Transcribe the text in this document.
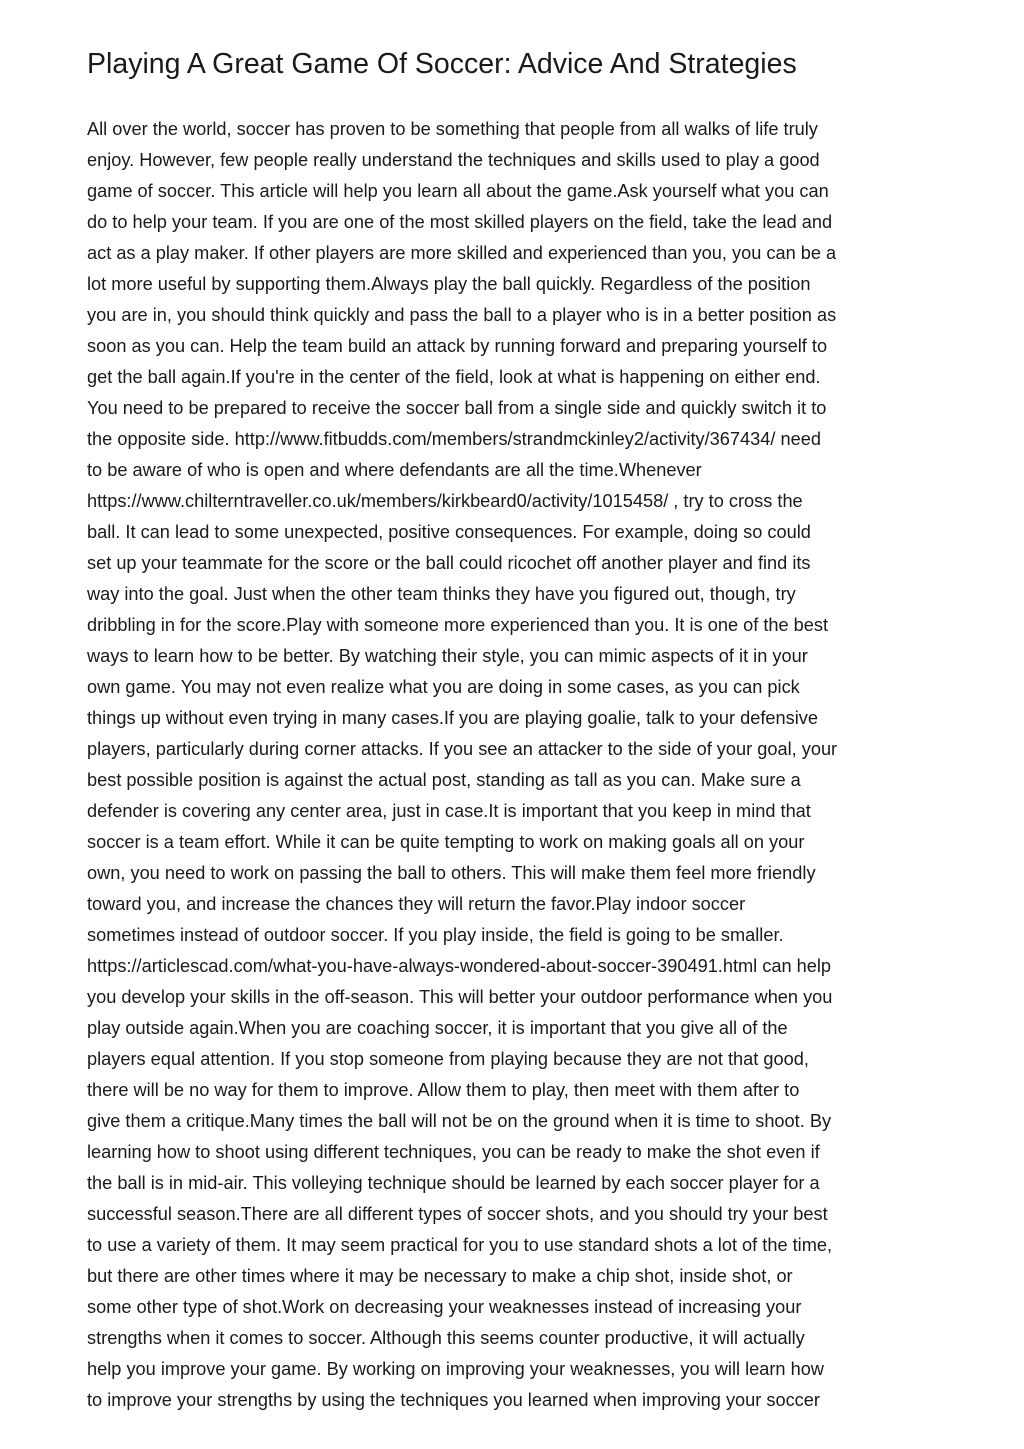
Playing A Great Game Of Soccer: Advice And Strategies
All over the world, soccer has proven to be something that people from all walks of life truly
enjoy. However, few people really understand the techniques and skills used to play a good
game of soccer. This article will help you learn all about the game.Ask yourself what you can
do to help your team. If you are one of the most skilled players on the field, take the lead and
act as a play maker. If other players are more skilled and experienced than you, you can be a
lot more useful by supporting them.Always play the ball quickly. Regardless of the position
you are in, you should think quickly and pass the ball to a player who is in a better position as
soon as you can. Help the team build an attack by running forward and preparing yourself to
get the ball again.If you're in the center of the field, look at what is happening on either end.
You need to be prepared to receive the soccer ball from a single side and quickly switch it to
the opposite side. http://www.fitbudds.com/members/strandmckinley2/activity/367434/ need
to be aware of who is open and where defendants are all the time.Whenever
https://www.chilterntraveller.co.uk/members/kirkbeard0/activity/1015458/ , try to cross the
ball. It can lead to some unexpected, positive consequences. For example, doing so could
set up your teammate for the score or the ball could ricochet off another player and find its
way into the goal. Just when the other team thinks they have you figured out, though, try
dribbling in for the score.Play with someone more experienced than you. It is one of the best
ways to learn how to be better. By watching their style, you can mimic aspects of it in your
own game. You may not even realize what you are doing in some cases, as you can pick
things up without even trying in many cases.If you are playing goalie, talk to your defensive
players, particularly during corner attacks. If you see an attacker to the side of your goal, your
best possible position is against the actual post, standing as tall as you can. Make sure a
defender is covering any center area, just in case.It is important that you keep in mind that
soccer is a team effort. While it can be quite tempting to work on making goals all on your
own, you need to work on passing the ball to others. This will make them feel more friendly
toward you, and increase the chances they will return the favor.Play indoor soccer
sometimes instead of outdoor soccer. If you play inside, the field is going to be smaller.
https://articlescad.com/what-you-have-always-wondered-about-soccer-390491.html can help
you develop your skills in the off-season. This will better your outdoor performance when you
play outside again.When you are coaching soccer, it is important that you give all of the
players equal attention. If you stop someone from playing because they are not that good,
there will be no way for them to improve. Allow them to play, then meet with them after to
give them a critique.Many times the ball will not be on the ground when it is time to shoot. By
learning how to shoot using different techniques, you can be ready to make the shot even if
the ball is in mid-air. This volleying technique should be learned by each soccer player for a
successful season.There are all different types of soccer shots, and you should try your best
to use a variety of them. It may seem practical for you to use standard shots a lot of the time,
but there are other times where it may be necessary to make a chip shot, inside shot, or
some other type of shot.Work on decreasing your weaknesses instead of increasing your
strengths when it comes to soccer. Although this seems counter productive, it will actually
help you improve your game. By working on improving your weaknesses, you will learn how
to improve your strengths by using the techniques you learned when improving your soccer
